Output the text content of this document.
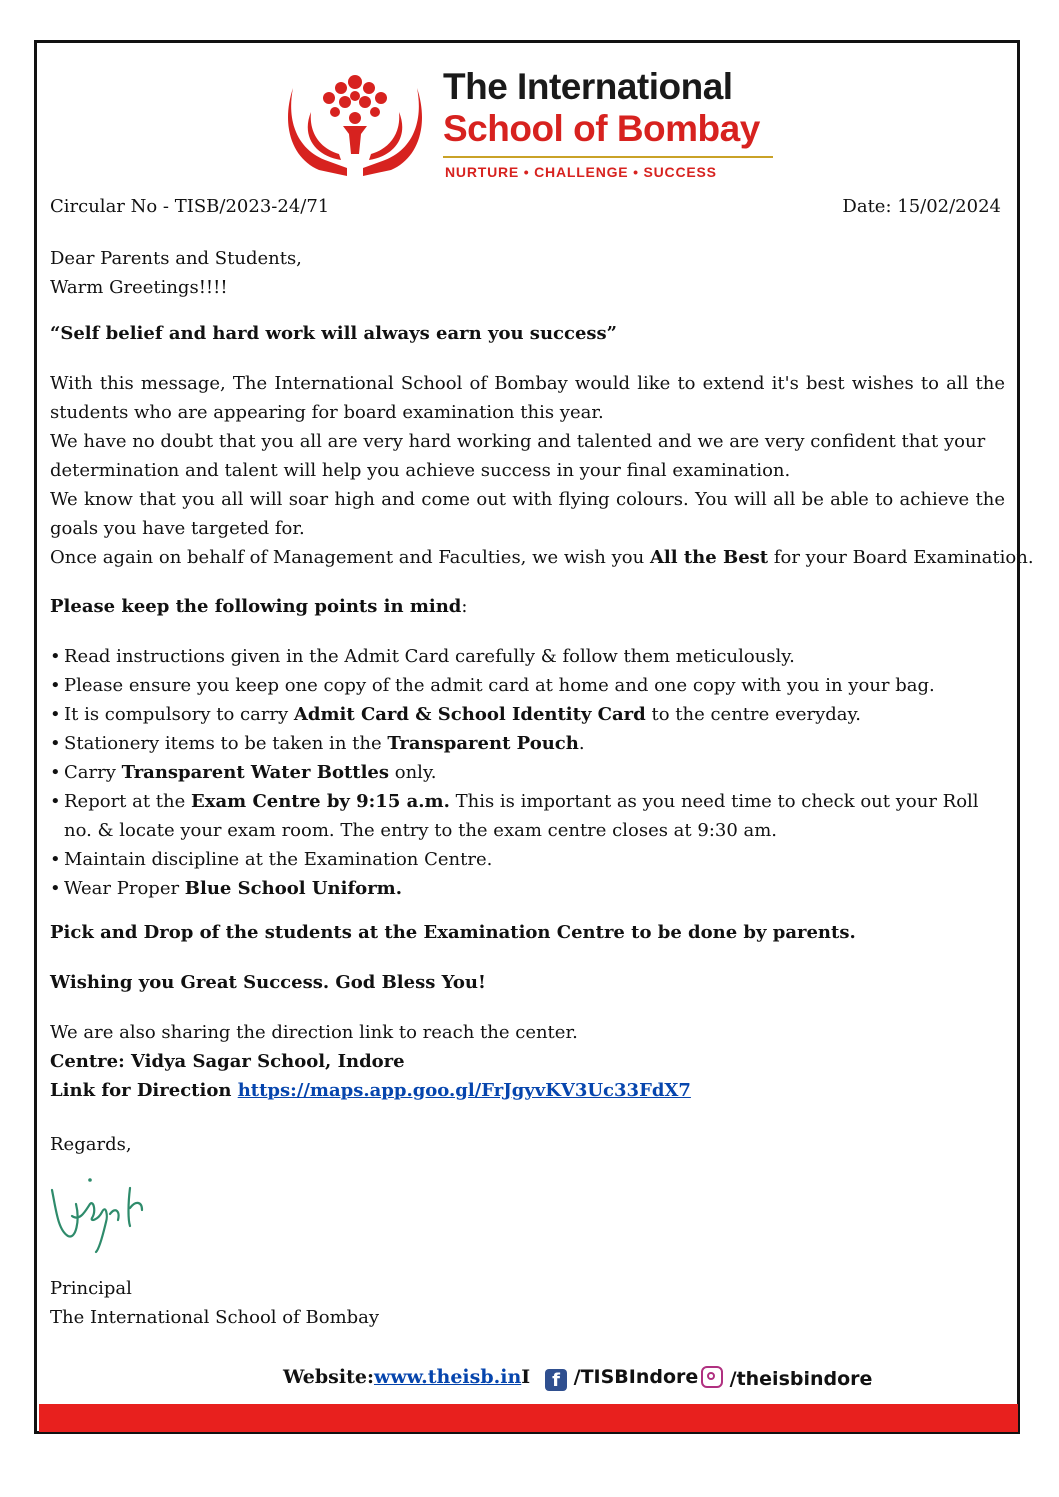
The International
School of Bombay
NURTURE • CHALLENGE • SUCCESS
Circular No - TISB/2023-24/71	Date: 15/02/2024
Dear Parents and Students,
Warm Greetings!!!!
“Self belief and hard work will always earn you success”
With this message, The International School of Bombay would like to extend it's best wishes to all the students who are appearing for board examination this year.
We have no doubt that you all are very hard working and talented and we are very confident that your determination and talent will help you achieve success in your final examination.
We know that you all will soar high and come out with flying colours. You will all be able to achieve the goals you have targeted for.
Once again on behalf of Management and Faculties, we wish you All the Best for your Board Examination.
Please keep the following points in mind:
• Read instructions given in the Admit Card carefully & follow them meticulously.
• Please ensure you keep one copy of the admit card at home and one copy with you in your bag.
• It is compulsory to carry Admit Card & School Identity Card to the centre everyday.
• Stationery items to be taken in the Transparent Pouch.
• Carry Transparent Water Bottles only.
• Report at the Exam Centre by 9:15 a.m. This is important as you need time to check out your Roll no. & locate your exam room. The entry to the exam centre closes at 9:30 am.
• Maintain discipline at the Examination Centre.
• Wear Proper Blue School Uniform.
Pick and Drop of the students at the Examination Centre to be done by parents.
Wishing you Great Success. God Bless You!
We are also sharing the direction link to reach the center.
Centre: Vidya Sagar School, Indore
Link for Direction https://maps.app.goo.gl/FrJgyvKV3Uc33FdX7
Regards,
Principal
The International School of Bombay
Website:www.theisb.inI	f /TISBIndore	/theisbindore
